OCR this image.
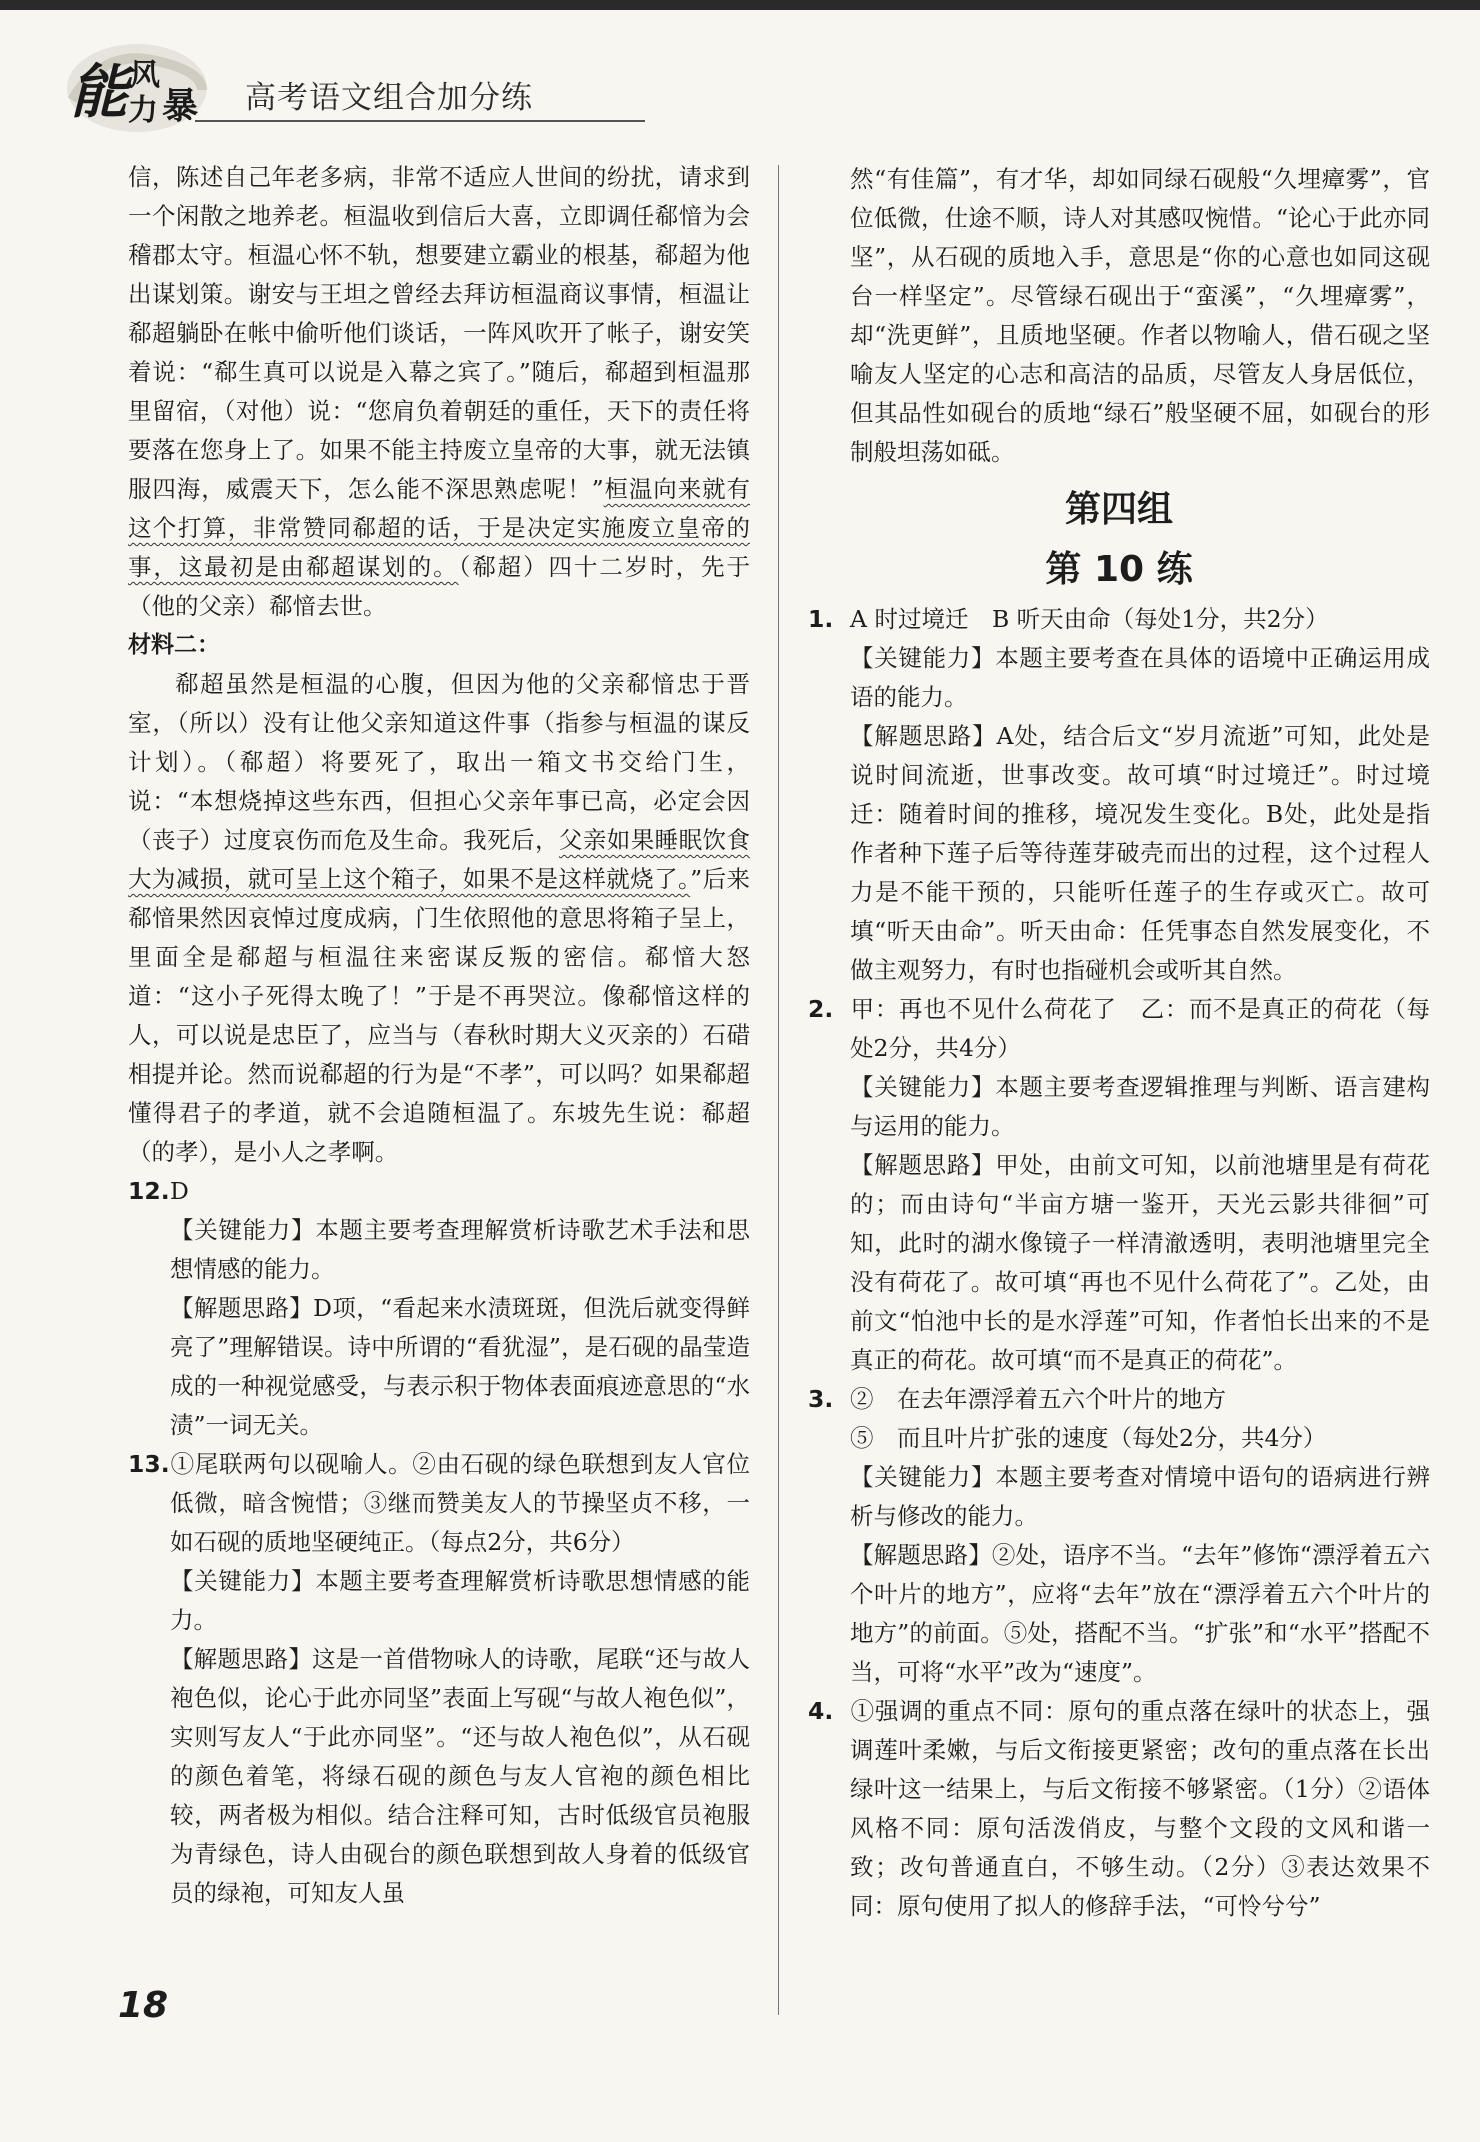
能 风
力 暴 高考语文组合加分练

信，陈述自己年老多病，非常不适应人世间的纷扰，请求到一个闲散之地养老。桓温收到信后大喜，立即调任郗愔为会稽郡太守。桓温心怀不轨，想要建立霸业的根基，郗超为他出谋划策。谢安与王坦之曾经去拜访桓温商议事情，桓温让郗超躺卧在帐中偷听他们谈话，一阵风吹开了帐子，谢安笑着说：“郗生真可以说是入幕之宾了。”随后，郗超到桓温那里留宿，（对他）说：“您肩负着朝廷的重任，天下的责任将要落在您身上了。如果不能主持废立皇帝的大事，就无法镇服四海，威震天下，怎么能不深思熟虑呢！”桓温向来就有这个打算，非常赞同郗超的话，于是决定实施废立皇帝的事，这最初是由郗超谋划的。（郗超）四十二岁时，先于（他的父亲）郗愔去世。

材料二：

郗超虽然是桓温的心腹，但因为他的父亲郗愔忠于晋室，（所以）没有让他父亲知道这件事（指参与桓温的谋反计划）。（郗超）将要死了，取出一箱文书交给门生，说：“本想烧掉这些东西，但担心父亲年事已高，必定会因（丧子）过度哀伤而危及生命。我死后，父亲如果睡眠饮食大为减损，就可呈上这个箱子，如果不是这样就烧了。”后来郗愔果然因哀悼过度成病，门生依照他的意思将箱子呈上，里面全是郗超与桓温往来密谋反叛的密信。郗愔大怒道：“这小子死得太晚了！”于是不再哭泣。像郗愔这样的人，可以说是忠臣了，应当与（春秋时期大义灭亲的）石碏相提并论。然而说郗超的行为是“不孝”，可以吗？如果郗超懂得君子的孝道，就不会追随桓温了。东坡先生说：郗超（的孝），是小人之孝啊。

12.D

【关键能力】本题主要考查理解赏析诗歌艺术手法和思想情感的能力。

【解题思路】D项，“看起来水渍斑斑，但洗后就变得鲜亮了”理解错误。诗中所谓的“看犹湿”，是石砚的晶莹造成的一种视觉感受，与表示积于物体表面痕迹意思的“水渍”一词无关。

13.①尾联两句以砚喻人。②由石砚的绿色联想到友人官位低微，暗含惋惜；③继而赞美友人的节操坚贞不移，一如石砚的质地坚硬纯正。（每点2分，共6分）

【关键能力】本题主要考查理解赏析诗歌思想情感的能力。

【解题思路】这是一首借物咏人的诗歌，尾联“还与故人袍色似，论心于此亦同坚”表面上写砚“与故人袍色似”，实则写友人“于此亦同坚”。“还与故人袍色似”，从石砚的颜色着笔，将绿石砚的颜色与友人官袍的颜色相比较，两者极为相似。结合注释可知，古时低级官员袍服为青绿色，诗人由砚台的颜色联想到故人身着的低级官员的绿袍，可知友人虽

然“有佳篇”，有才华，却如同绿石砚般“久埋瘴雾”，官位低微，仕途不顺，诗人对其感叹惋惜。“论心于此亦同坚”，从石砚的质地入手，意思是“你的心意也如同这砚台一样坚定”。尽管绿石砚出于“蛮溪”，“久埋瘴雾”，却“洗更鲜”，且质地坚硬。作者以物喻人，借石砚之坚喻友人坚定的心志和高洁的品质，尽管友人身居低位，但其品性如砚台的质地“绿石”般坚硬不屈，如砚台的形制般坦荡如砥。

第四组

第 10 练

1. A 时过境迁　B 听天由命（每处1分，共2分）

【关键能力】本题主要考查在具体的语境中正确运用成语的能力。

【解题思路】A处，结合后文“岁月流逝”可知，此处是说时间流逝，世事改变。故可填“时过境迁”。时过境迁：随着时间的推移，境况发生变化。B处，此处是指作者种下莲子后等待莲芽破壳而出的过程，这个过程人力是不能干预的，只能听任莲子的生存或灭亡。故可填“听天由命”。听天由命：任凭事态自然发展变化，不做主观努力，有时也指碰机会或听其自然。

2. 甲：再也不见什么荷花了　乙：而不是真正的荷花（每处2分，共4分）

【关键能力】本题主要考查逻辑推理与判断、语言建构与运用的能力。

【解题思路】甲处，由前文可知，以前池塘里是有荷花的；而由诗句“半亩方塘一鉴开，天光云影共徘徊”可知，此时的湖水像镜子一样清澈透明，表明池塘里完全没有荷花了。故可填“再也不见什么荷花了”。乙处，由前文“怕池中长的是水浮莲”可知，作者怕长出来的不是真正的荷花。故可填“而不是真正的荷花”。

3. ②　在去年漂浮着五六个叶片的地方

⑤　而且叶片扩张的速度（每处2分，共4分）

【关键能力】本题主要考查对情境中语句的语病进行辨析与修改的能力。

【解题思路】②处，语序不当。“去年”修饰“漂浮着五六个叶片的地方”，应将“去年”放在“漂浮着五六个叶片的地方”的前面。⑤处，搭配不当。“扩张”和“水平”搭配不当，可将“水平”改为“速度”。

4. ①强调的重点不同：原句的重点落在绿叶的状态上，强调莲叶柔嫩，与后文衔接更紧密；改句的重点落在长出绿叶这一结果上，与后文衔接不够紧密。（1分）②语体风格不同：原句活泼俏皮，与整个文段的文风和谐一致；改句普通直白，不够生动。（2分）③表达效果不同：原句使用了拟人的修辞手法，“可怜兮兮”

18
